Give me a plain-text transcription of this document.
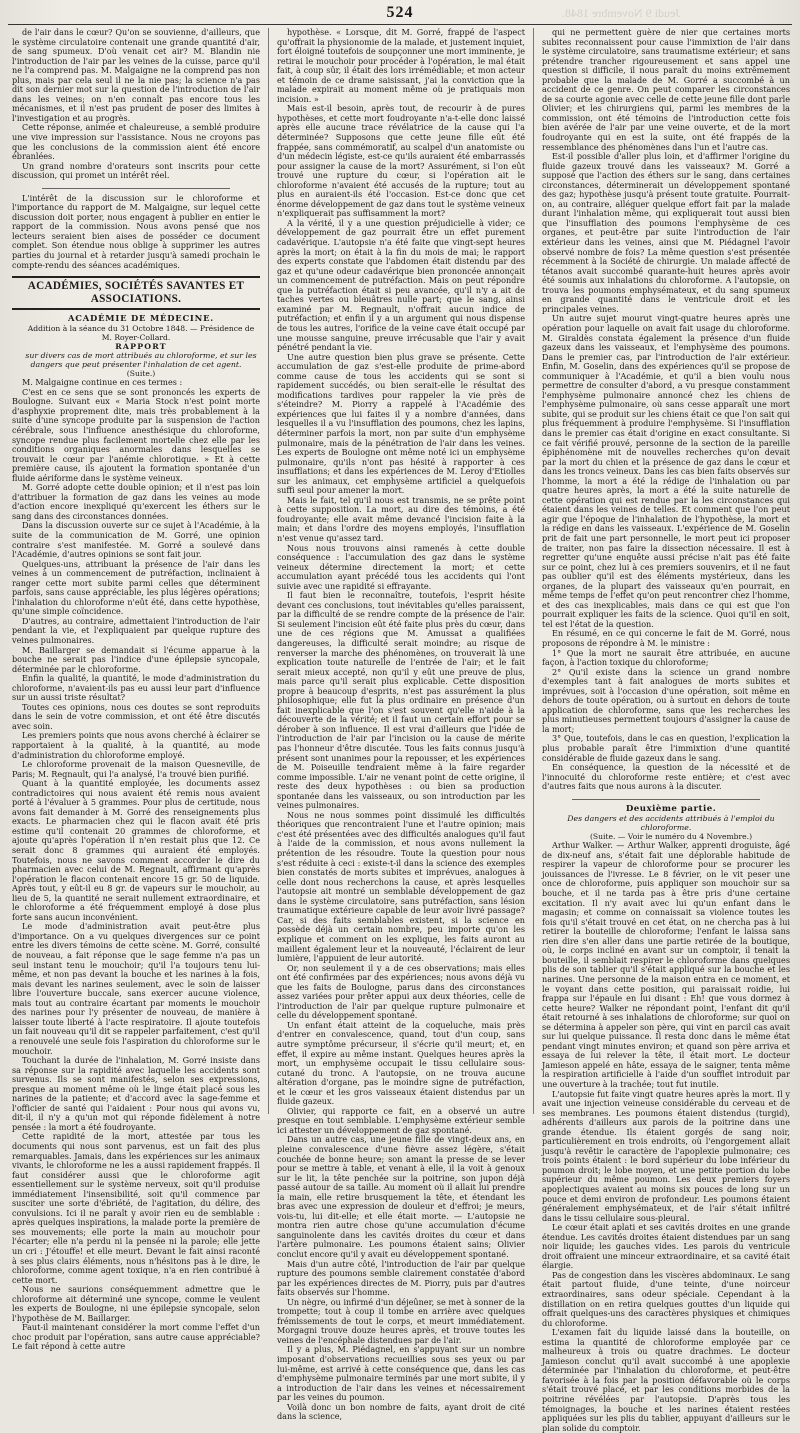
524	Jeudi 9 Novembre 1848.

de l'air dans le cœur? Qu'on se souvienne, d'ailleurs, que le système circulatoire contenait une grande quantité d'air, de sang spumeux. D'où venait cet air? M. Blandin nie l'introduction de l'air par les veines de la cuisse, parce qu'il ne l'a comprend pas. M. Malgaigne ne la comprend pas non plus, mais par cela seul il ne la nie pas; la science n'a pas dit son dernier mot sur la question de l'introduction de l'air dans les veines; on n'en connaît pas encore tous les mécanismes, et il n'est pas prudent de poser des limites à l'investigation et au progrès.

Cette réponse, animée et chaleureuse, a semblé produire une vive impression sur l'assistance. Nous ne croyons pas que les conclusions de la commission aient été encore ébranlées.

Un grand nombre d'orateurs sont inscrits pour cette discussion, qui promet un intérêt réel.

L'intérêt de la discussion sur le chloroforme et l'importance du rapport de M. Malgaigne, sur lequel cette discussion doit porter, nous engagent à publier en entier le rapport de la commission. Nous avons pensé que nos lecteurs seraient bien aises de posséder ce document complet. Son étendue nous oblige à supprimer les autres parties du journal et à retarder jusqu'à samedi prochain le compte-rendu des séances académiques.

ACADÉMIES, SOCIÉTÉS SAVANTES ET ASSOCIATIONS.

ACADÉMIE DE MÉDECINE.

Addition à la séance du 31 Octobre 1848. — Présidence de M. Royer-Collard.

RAPPORT

sur divers cas de mort attribués au chloroforme, et sur les dangers que peut présenter l'inhalation de cet agent.

(Suite.)

M. Malgaigne continue en ces termes :

C'est en ce sens que se sont prononcés les experts de Boulogne. Suivant eux « Maria Stock n'est point morte d'asphyxie proprement dite, mais très probablement à la suite d'une syncope produite par la suspension de l'action cérébrale, sous l'influence anesthésique du chloroforme, syncope rendue plus facilement mortelle chez elle par les conditions organiques anormales dans lesquelles se trouvait le cœur par l'anémie chlorotique. » Et à cette première cause, ils ajoutent la formation spontanée d'un fluide aériforme dans le système veineux.

M. Gorré adopte cette double opinion; et il n'est pas loin d'attribuer la formation de gaz dans les veines au mode d'action encore inexpliqué qu'exercent les éthers sur le sang dans des circonstances données.

Dans la discussion ouverte sur ce sujet à l'Académie, à la suite de la communication de M. Gorré, une opinion contraire s'est manifestée. M. Gorré a soulevé dans l'Académie, d'autres opinions se sont fait jour.

Quelques-uns, attribuant la présence de l'air dans les veines à un commencement de putréfaction, inclinaient à ranger cette mort subite parmi celles que déterminent parfois, sans cause appréciable, les plus légères opérations; l'inhalation du chloroforme n'eût été, dans cette hypothèse, qu'une simple coïncidence.

D'autres, au contraire, admettaient l'introduction de l'air pendant la vie, et l'expliquaient par quelque rupture des veines pulmonaires.

M. Baillarger se demandait si l'écume apparue à la bouche ne serait pas l'indice d'une épilepsie syncopale, déterminée par le chloroforme.

Enfin la qualité, la quantité, le mode d'administration du chloroforme, n'avaient-ils pas eu aussi leur part d'influence sur un aussi triste résultat?

Toutes ces opinions, nous ces doutes se sont reproduits dans le sein de votre commission, et ont été être discutés avec soin.

Les premiers points que nous avons cherché à éclairer se rapportaient à la qualité, à la quantité, au mode d'administration du chloroforme employé.

Le chloroforme provenait de la maison Quesneville, de Paris; M. Regnault, qui l'a analysé, l'a trouvé bien purifié.

Quant à la quantité employée, les documents assez contradictoires qui nous avaient été remis nous avaient porté à l'évaluer à 5 grammes. Pour plus de certitude, nous avons fait demander à M. Gorré des renseignements plus exacts. Le pharmacien chez qui le flacon avait été pris estime qu'il contenait 20 grammes de chloroforme, et ajoute qu'après l'opération il n'en restait plus que 12. Ce serait donc 8 grammes qui auraient été employés. Toutefois, nous ne savons comment accorder le dire du pharmacien avec celui de M. Regnault, affirmant qu'après l'opération le flacon contenait encore 15 gr. 50 de liquide. Après tout, y eût-il eu 8 gr. de vapeurs sur le mouchoir, au lieu de 5, la quantité ne serait nullement extraordinaire, et le chloroforme a été fréquemment employé à dose plus forte sans aucun inconvénient.

Le mode d'administration avait peut-être plus d'importance. On a vu quelques divergences sur ce point entre les divers témoins de cette scène. M. Gorré, consulté de nouveau, a fait réponse que le sage femme n'a pas un seul instant tenu le mouchoir; qu'il l'a toujours tenu lui-même, et non pas devant la bouche et les narines à la fois, mais devant les narines seulement, avec le soin de laisser libre l'ouverture buccale, sans exercer aucune violence, mais tout au contraire écartant par moments le mouchoir des narines pour l'y présenter de nouveau, de manière à laisser toute liberté à l'acte respiratoire. Il ajoute toutefois un fait nouveau qu'il dit se rappeler parfaitement, c'est qu'il a renouvelé une seule fois l'aspiration du chloroforme sur le mouchoir.

Touchant la durée de l'inhalation, M. Gorré insiste dans sa réponse sur la rapidité avec laquelle les accidents sont survenus. Ils se sont manifestés, selon ses expressions, presque au moment même où le linge était placé sous les narines de la patiente; et d'accord avec la sage-femme et l'officier de santé qui l'aidaient : Pour nous qui avons vu, dit-il, il n'y a qu'un mot qui réponde fidèlement à notre pensée : la mort a été foudroyante.

Cette rapidité de la mort, attestée par tous les documents qui nous sont parvenus, est un fait des plus remarquables. Jamais, dans les expériences sur les animaux vivants, le chloroforme ne les a aussi rapidement frappés. Il faut considérer aussi que le chloroforme agit essentiellement sur le système nerveux, soit qu'il produise immédiatement l'insensibilité, soit qu'il commence par susciter une sorte d'ébriété, de l'agitation, du délire, des convulsions. Ici il ne paraît y avoir rien eu de semblable : après quelques inspirations, la malade porte la première de ses mouvements; elle porte la main au mouchoir pour l'écarter; elle n'a perdu ni la pensée ni la parole; elle jette un cri : J'étouffe! et elle meurt. Devant le fait ainsi raconté à ses plus clairs éléments, nous n'hésitons pas à le dire, le chloroforme, comme agent toxique, n'a en rien contribué à cette mort.

Nous ne saurions conséquemment admettre que le chloroforme ait déterminé une syncope, comme le veulent les experts de Boulogne, ni une épilepsie syncopale, selon l'hypothèse de M. Baillarger.

Faut-il maintenant considérer la mort comme l'effet d'un choc produit par l'opération, sans autre cause appréciable? Le fait répond à cette autre

hypothèse. « Lorsque, dit M. Gorré, frappé de l'aspect qu'offrait la physionomie de la malade, et justement inquiet, fort éloigné toutefois de soupçonner une mort imminente, je retirai le mouchoir pour procéder à l'opération, le mal était fait, à coup sûr, il était des lors irrémédiable; et mon acteur et témoin de ce drame saisissant, j'ai la conviction que la malade expirait au moment même où je pratiquais mon incision. »

Mais est-il besoin, après tout, de recourir à de pures hypothèses, et cette mort foudroyante n'a-t-elle donc laissé après elle aucune trace révélatrice de la cause qui l'a déterminée? Supposons que cette jeune fille eût été frappée, sans commémoratif, au scalpel d'un anatomiste ou d'un médecin légiste, est-ce qu'ils auraient été embarrassés pour assigner la cause de la mort? Assurément, si l'on eût trouvé une rupture du cœur, si l'opération ait le chloroforme n'avaient été accusés de la rupture; tout au plus en auraient-ils été l'occasion. Est-ce donc que cet énorme développement de gaz dans tout le système veineux n'expliquerait pas suffisamment la mort?

A la vérité, il y a une question préjudicielle à vider; ce développement de gaz pourrait être un effet purement cadavérique. L'autopsie n'a été faite que vingt-sept heures après la mort; on était à la fin du mois de mai; le rapport des experts constate que l'abdomen était distendu par des gaz et qu'une odeur cadavérique bien prononcée annonçait un commencement de putréfaction. Mais on peut répondre que la putréfaction était si peu avancée, qu'il n'y a ait de taches vertes ou bleuâtres nulle part; que le sang, ainsi examiné par M. Regnault, n'offrait aucun indice de putréfaction; et enfin il y a un argument qui nous dispense de tous les autres, l'orifice de la veine cave était occupé par une mousse sanguine, preuve irrécusable que l'air y avait pénétré pendant la vie.

Une autre question bien plus grave se présente. Cette accumulation de gaz s'est-elle produite de prime-abord comme cause de tous les accidents qui se sont si rapidement succédés, ou bien serait-elle le résultat des modifications tardives pour rappeler la vie près de s'éteindre? M. Piorry a rappelé à l'Académie des expériences que lui faites il y a nombre d'années, dans lesquelles il a vu l'insufflation des poumons, chez les lapins, déterminer parfois la mort, non par suite d'un emphysème pulmonaire, mais de la pénétration de l'air dans les veines. Les experts de Boulogne ont même noté ici un emphysème pulmonaire, qu'ils n'ont pas hésité à rapporter à ces insufflations; et dans les expériences de M. Leroy d'Etiolles sur les animaux, cet emphysème artificiel a quelquefois suffi seul pour amener la mort.

Mais le fait, tel qu'il nous est transmis, ne se prête point à cette supposition. La mort, au dire des témoins, a été foudroyante; elle avait même devancé l'incision faite à la main; et dans l'ordre des moyens employés, l'insufflation n'est venue qu'assez tard.

Nous nous trouvons ainsi ramenés à cette double conséquence : l'accumulation des gaz dans le système veineux détermine directement la mort; et cette accumulation ayant précédé tous les accidents qui l'ont suivie avec une rapidité si effrayante.

Il faut bien le reconnaître, toutefois, l'esprit hésite devant ces conclusions, tout inévitables qu'elles paraissent, par la difficulté de se rendre compte de la présence de l'air. Si seulement l'incision eût été faite plus près du cœur, dans une de ces régions que M. Amussat a qualifiées dangereuses, la difficulté serait moindre; au risque de renverser la marche des phénomènes, on trouverait là une explication toute naturelle de l'entrée de l'air; et le fait serait mieux accepté, non qu'il y eût une preuve de plus, mais parce qu'il serait plus explicable. Cette disposition propre à beaucoup d'esprits, n'est pas assurément la plus philosophique; elle fut la plus ordinaire en présence d'un fait inexplicable que l'on s'est souvent qu'elle n'aide à la découverte de la vérité; et il faut un certain effort pour se dérober à son influence. Il est vrai d'ailleurs que l'idée de l'introduction de l'air par l'incision ou la cause de mérite pas l'honneur d'être discutée. Tous les faits connus jusqu'à présent sont unanimes pour la repousser, et les expériences de M. Poiseuille tendraient même à la faire regarder comme impossible. L'air ne venant point de cette origine, il reste des deux hypothèses : ou bien sa production spontanée dans les vaisseaux, ou son introduction par les veines pulmonaires.

Nous ne nous sommes point dissimulé les difficultés théoriques que rencontraient l'une et l'autre opinion; mais c'est été présentées avec des difficultés analogues qu'il faut à l'aide de la commission, et nous avons nullement la prétention de les résoudre. Toute la question pour nous s'est réduite à ceci : existe-t-il dans la science des exemples bien constatés de morts subites et imprévues, analogues à celle dont nous recherchons la cause, et après lesquelles l'autopsie ait montré un semblable développement de gaz dans le système circulatoire, sans putréfaction, sans lésion traumatique extérieure capable de leur avoir livré passage? Car, si des faits semblables existent, si la science en possède déjà un certain nombre, peu importe qu'on les explique et comment on les explique, les faits auront au maillent également leur et la nouveauté, l'éclairent de leur lumière, l'appuient de leur autorité.

Or, non seulement il y a de ces observations; mais elles ont été confirmées par des expériences; nous avons déjà vu que les faits de Boulogne, parus dans des circonstances assez variées pour prêter appui aux deux théories, celle de l'introduction de l'air par quelque rupture pulmonaire et celle du développement spontané.

Un enfant était atteint de la coqueluche, mais près d'entrer en convalescence, quand, tout d'un coup, sans autre symptôme précurseur, il s'écrie qu'il meurt; et, en effet, il expire au même instant. Quelques heures après la mort, un emphysème occupait le tissu cellulaire sous-cutané du tronc. A l'autopsie, on ne trouva aucune altération d'organe, pas le moindre signe de putréfaction, et le cœur et les gros vaisseaux étaient distendus par un fluide gazeux.

Olivier, qui rapporte ce fait, en a observé un autre presque en tout semblable. L'emphysème extérieur semble ici attester un développement de gaz spontané.

Dans un autre cas, une jeune fille de vingt-deux ans, en pleine convalescence d'une fièvre assez légère, s'était couchée de bonne heure; son amant la presse de se lever pour se mettre à table, et venant à elle, il la voit à genoux sur le lit, la tête penchée sur la poitrine, son jupon déjà passé autour de sa taille. Au moment où il allait lui prendre la main, elle retire brusquement la tête, et étendant les bras avec une expression de douleur et d'effroi; je meurs, vois-tu, lui dit-elle; et elle était morte. — L'autopsie ne montra rien autre chose qu'une accumulation d'écume sanguinolente dans les cavités droites du cœur et dans l'artère pulmonaire. Les poumons étaient sains; Olivier conclut encore qu'il y avait eu développement spontané.

Mais d'un autre côté, l'introduction de l'air par quelque rupture des poumons semble clairement constatée d'abord par les expériences directes de M. Piorry, puis par d'autres faits observés sur l'homme.

Un nègre, ou infirmé d'un déjeûner, se met à sonner de la trompette; tout à coup il tombe en arrière avec quelques frémissements de tout le corps, et meurt immédiatement. Morgagni trouve douze heures après, et trouve toutes les veines de l'encéphale distendues par de l'air.

Il y a plus, M. Piédagnel, en s'appuyant sur un nombre imposant d'observations recueillies sous ses yeux ou par lui-même, est arrivé à cette conséquence que, dans les cas d'emphysème pulmonaire terminés par une mort subite, il y a introduction de l'air dans les veines et nécessairement par les veines du poumon.

Voilà donc un bon nombre de faits, ayant droit de cité dans la science,

qui ne permettent guère de nier que certaines morts subites reconnaissent pour cause l'immixtion de l'air dans le système circulatoire, sans traumatisme extérieur; et sans prétendre trancher rigoureusement et sans appel une question si difficile, il nous paraît du moins extrêmement probable que la malade de M. Gorré a succombé à un accident de ce genre. On peut comparer les circonstances de sa courte agonie avec celle de cette jeune fille dont parle Olivier; et les chirurgiens qui, parmi les membres de la commission, ont été témoins de l'introduction cette fois bien avérée de l'air par une veine ouverte, et de la mort foudroyante qui en est la suite, ont été frappés de la ressemblance des phénomènes dans l'un et l'autre cas.

Est-il possible d'aller plus loin, et d'affirmer l'origine du fluide gazeux trouvé dans les vaisseaux? M. Gorré a supposé que l'action des éthers sur le sang, dans certaines circonstances, déterminerait un développement spontané des gaz; hypothèse jusqu'à présent toute gratuite. Pourrait-on, au contraire, alléguer quelque effort fait par la malade durant l'inhalation même, qui expliquerait tout aussi bien que l'insufflation des poumons l'emphysème de ces organes, et peut-être par suite l'introduction de l'air extérieur dans les veines, ainsi que M. Piédagnel l'avoir observé nombre de fois? La même question s'est présentée récemment à la Société de chirurgie. Un malade affecté de tétanos avait succombé quarante-huit heures après avoir été soumis aux inhalations du chloroforme. A l'autopsie, on trouva les poumons emphysémateux, et du sang spumeux en grande quantité dans le ventricule droit et les principales veines.

Un autre sujet mourut vingt-quatre heures après une opération pour laquelle on avait fait usage du chloroforme. M. Giraldès constata également la présence d'un fluide gazeux dans les vaisseaux, et l'emphysème des poumons. Dans le premier cas, par l'introduction de l'air extérieur. Enfin, M. Goselin, dans des expériences qu'il se propose de communiquer à l'Académie, et qu'il a bien voulu nous permettre de consulter d'abord, a vu presque constamment l'emphysème pulmonaire annoncé chez les chiens de l'emphysème pulmonaire, où sans cesse apparaît une mort subite, qui se produit sur les chiens était ce que l'on sait qui plus fréquemment à produire l'emphysème. Si l'insufflation dans le premier cas était d'origine en exact consultante. Si ce fait vérifié prouvé, personne de la section de la pareille épiphénomène mit de nouvelles recherches qu'on devait par la mort du chien et la présence de gaz dans le cœur et dans les troncs veineux. Dans les cas bien faits observés sur l'homme, la mort a été la rédige de l'inhalation ou par quatre heures après, la mort a été la suite naturelle de cette opération qui est rendue par la les circonstances qui étaient dans les veines de telles. Et comment que l'on peut agir que l'époque de l'inhalation de l'hypothèse, la mort et la rédige en dans les vaisseaux. L'expérience de M. Goselin prit de fait une part personnelle, le mort peut ici proposer de traiter, non pas faire la dissection nécessaire. Il est à regretter qu'une enquête aussi précise n'ait pas été faite sur ce point, chez lui à ces premiers souvenirs, et il ne faut pas oublier qu'il est des éléments mystérieux, dans les organes, de la plupart des vaisseaux qu'en pourrait, en même temps de l'effet qu'on peut rencontrer chez l'homme, et des cas inexplicables, mais dans ce qui est que l'on pourrait expliquer les faits de la science. Quoi qu'il en soit, tel est l'état de la question.

En résumé, en ce qui concerne le fait de M. Gorré, nous proposons de répondre à M. le ministre :

1° Que la mort ne saurait être attribuée, en aucune façon, à l'action toxique du chloroforme;

2° Qu'il existe dans la science un grand nombre d'exemples tant à fait analogues de morts subites et imprévues, soit à l'occasion d'une opération, soit même en dehors de toute opération, ou à surtout en dehors de toute application de chloroforme, sans que les recherches les plus minutieuses permettent toujours d'assigner la cause de la mort;

3° Que, toutefois, dans le cas en question, l'explication la plus probable paraît être l'immixtion d'une quantité considérable de fluide gazeux dans le sang.

En conséquence, la question de la nécessité et de l'innocuité du chloroforme reste entière; et c'est avec d'autres faits que nous aurons à la discuter.

Deuxième partie.

Des dangers et des accidents attribués à l'emploi du chloroforme.

(Suite. — Voir le numéro du 4 Novembre.)

Arthur Walker. — Arthur Walker, apprenti droguiste, âgé de dix-neuf ans, s'était fait une déplorable habitude de respirer la vapeur de chloroforme pour se procurer les jouissances de l'ivresse. Le 8 février, on le vit peser une once de chloroforme, puis appliquer son mouchoir sur sa bouche, et il ne tarda pas à être pris d'une certaine excitation. Il n'y avait avec lui qu'un enfant dans le magasin; et comme on connaissait sa violence toutes les fois qu'il s'était trouvé en cet état, on ne chercha pas à lui retirer la bouteille de chloroforme; l'enfant le laissa sans rien dire s'en aller dans une partie retirée de la boutique, où, le corps incliné en avant sur un comptoir, il tenait la bouteille, il semblait respirer le chloroforme dans quelques plis de son tablier qu'il s'était appliqué sur la bouche et les narines. Une personne de la maison entra en ce moment, et le voyant dans cette position, qui paraissait roidie, lui frappa sur l'épaule en lui disant : Eh! que vous dormez à cette heure? Walker ne répondant point, l'enfant dit qu'il était retourné à ses inhalations de chloroforme; sur quoi on se détermina à appeler son père, qui vint en parcil cas avait sur lui quelque puissance. Il resta donc dans le même état pendant vingt minutes environ; et quand son père arriva et essaya de lui relever la tête, il était mort. Le docteur Jamieson appelé en hâte, essaya de le saigner, tenta même la respiration artificielle à l'aide d'un soufflet introduit par une ouverture à la trachée; tout fut inutile.

L'autopsie fut faite vingt quatre heures après la mort. Il y avait une injection veineuse considérable du cerveau et de ses membranes. Les poumons étaient distendus (turgid), adhérents d'ailleurs aux parois de la poitrine dans une grande étendue. Ils étaient gorgés de sang noir, particulièrement en trois endroits, où l'engorgement allait jusqu'à revêtir le caractère de l'apoplexie pulmonaire; ces trois points étaient : le bord supérieur du lobe inférieur du poumon droit; le lobe moyen, et une petite portion du lobe supérieur du même poumon. Les deux premiers foyers apoplectiques avaient au moins six pouces de long sur un pouce et demi environ de profondeur. Les poumons étaient généralement emphysémateux, et de l'air s'était infiltré dans le tissu cellulaire sous-pleural.

Le cœur était aplati et ses cavités droites en une grande étendue. Les cavités droites étaient distendues par un sang noir liquide; les gauches vides. Les parois du ventricule droit offraient une minceur extraordinaire, et sa cavité était élargie.

Pas de congestion dans les viscères abdominaux. Le sang était partout fluide, d'une teinte, d'une noirceur extraordinaires, sans odeur spéciale. Cependant à la distillation on en retira quelques gouttes d'un liquide qui offrait quelques-uns des caractères physiques et chimiques du chloroforme.

L'examen fait du liquide laissé dans la bouteille, on estima la quantité de chloroforme employée par ce malheureux à trois ou quatre drachmes. Le docteur Jamieson conclut qu'il avait succombé à une apoplexie déterminée par l'inhalation du chloroforme, et peut-être favorisée à la fois par la position défavorable où le corps s'était trouvé placé, et par les conditions morbides de la poitrine révélées par l'autopsie. D'après tous les témoignages, la bouche et les narines étaient restées appliquées sur les plis du tablier, appuyant d'ailleurs sur le plan solide du comptoir.
